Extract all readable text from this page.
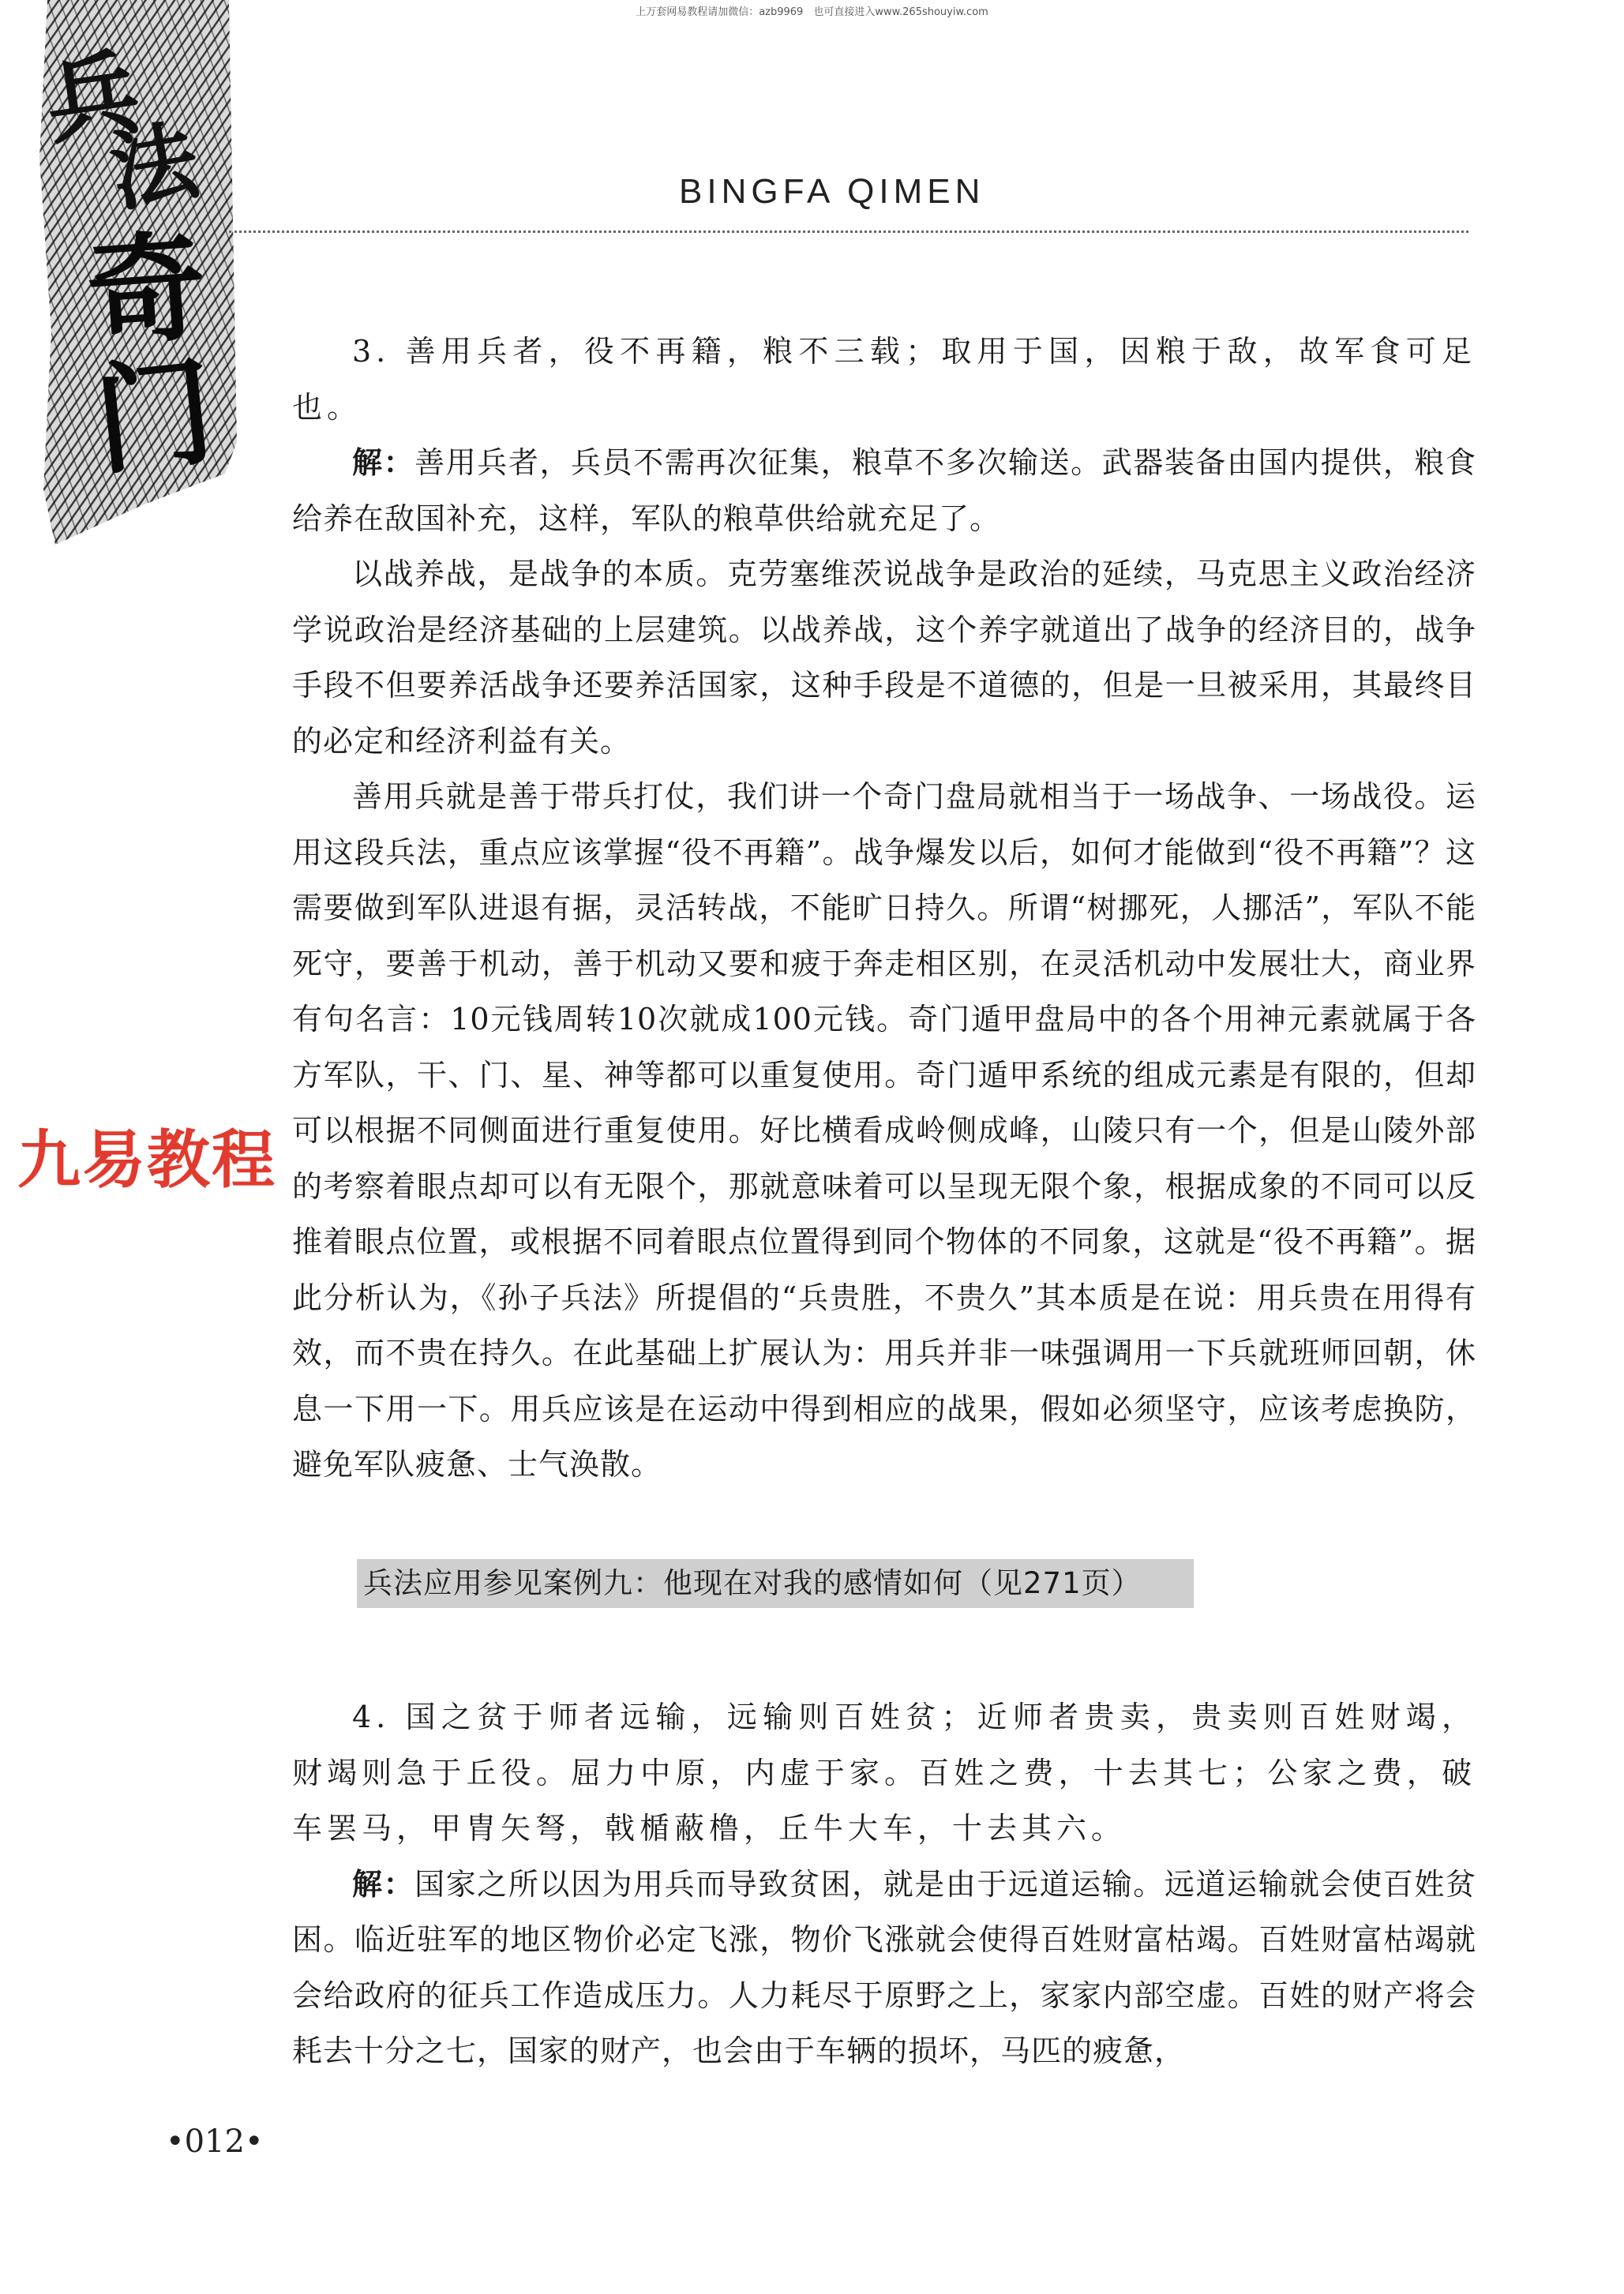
上万套网易教程请加微信：azb9969　也可直接进入www.265shouyiw.com
兵
法
奇
门
BINGFA QIMEN

3. 善用兵者，役不再籍，粮不三载；取用于国，因粮于敌，故军食可足也。

解：善用兵者，兵员不需再次征集，粮草不多次输送。武器装备由国内提供，粮食给养在敌国补充，这样，军队的粮草供给就充足了。

以战养战，是战争的本质。克劳塞维茨说战争是政治的延续，马克思主义政治经济学说政治是经济基础的上层建筑。以战养战，这个养字就道出了战争的经济目的，战争手段不但要养活战争还要养活国家，这种手段是不道德的，但是一旦被采用，其最终目的必定和经济利益有关。

善用兵就是善于带兵打仗，我们讲一个奇门盘局就相当于一场战争、一场战役。运用这段兵法，重点应该掌握“役不再籍”。战争爆发以后，如何才能做到“役不再籍”？这需要做到军队进退有据，灵活转战，不能旷日持久。所谓“树挪死，人挪活”，军队不能死守，要善于机动，善于机动又要和疲于奔走相区别，在灵活机动中发展壮大，商业界有句名言：10元钱周转10次就成100元钱。奇门遁甲盘局中的各个用神元素就属于各方军队，干、门、星、神等都可以重复使用。奇门遁甲系统的组成元素是有限的，但却可以根据不同侧面进行重复使用。好比横看成岭侧成峰，山陵只有一个，但是山陵外部的考察着眼点却可以有无限个，那就意味着可以呈现无限个象，根据成象的不同可以反推着眼点位置，或根据不同着眼点位置得到同个物体的不同象，这就是“役不再籍”。据此分析认为，《孙子兵法》所提倡的“兵贵胜，不贵久”其本质是在说：用兵贵在用得有效，而不贵在持久。在此基础上扩展认为：用兵并非一味强调用一下兵就班师回朝，休息一下用一下。用兵应该是在运动中得到相应的战果，假如必须坚守，应该考虑换防，避免军队疲惫、士气涣散。

兵法应用参见案例九：他现在对我的感情如何（见271页）

4. 国之贫于师者远输，远输则百姓贫；近师者贵卖，贵卖则百姓财竭，财竭则急于丘役。屈力中原，内虚于家。百姓之费，十去其七；公家之费，破车罢马，甲胄矢弩，戟楯蔽橹，丘牛大车，十去其六。

解：国家之所以因为用兵而导致贫困，就是由于远道运输。远道运输就会使百姓贫困。临近驻军的地区物价必定飞涨，物价飞涨就会使得百姓财富枯竭。百姓财富枯竭就会给政府的征兵工作造成压力。人力耗尽于原野之上，家家内部空虚。百姓的财产将会耗去十分之七，国家的财产，也会由于车辆的损坏，马匹的疲惫，

九易教程
•012•
